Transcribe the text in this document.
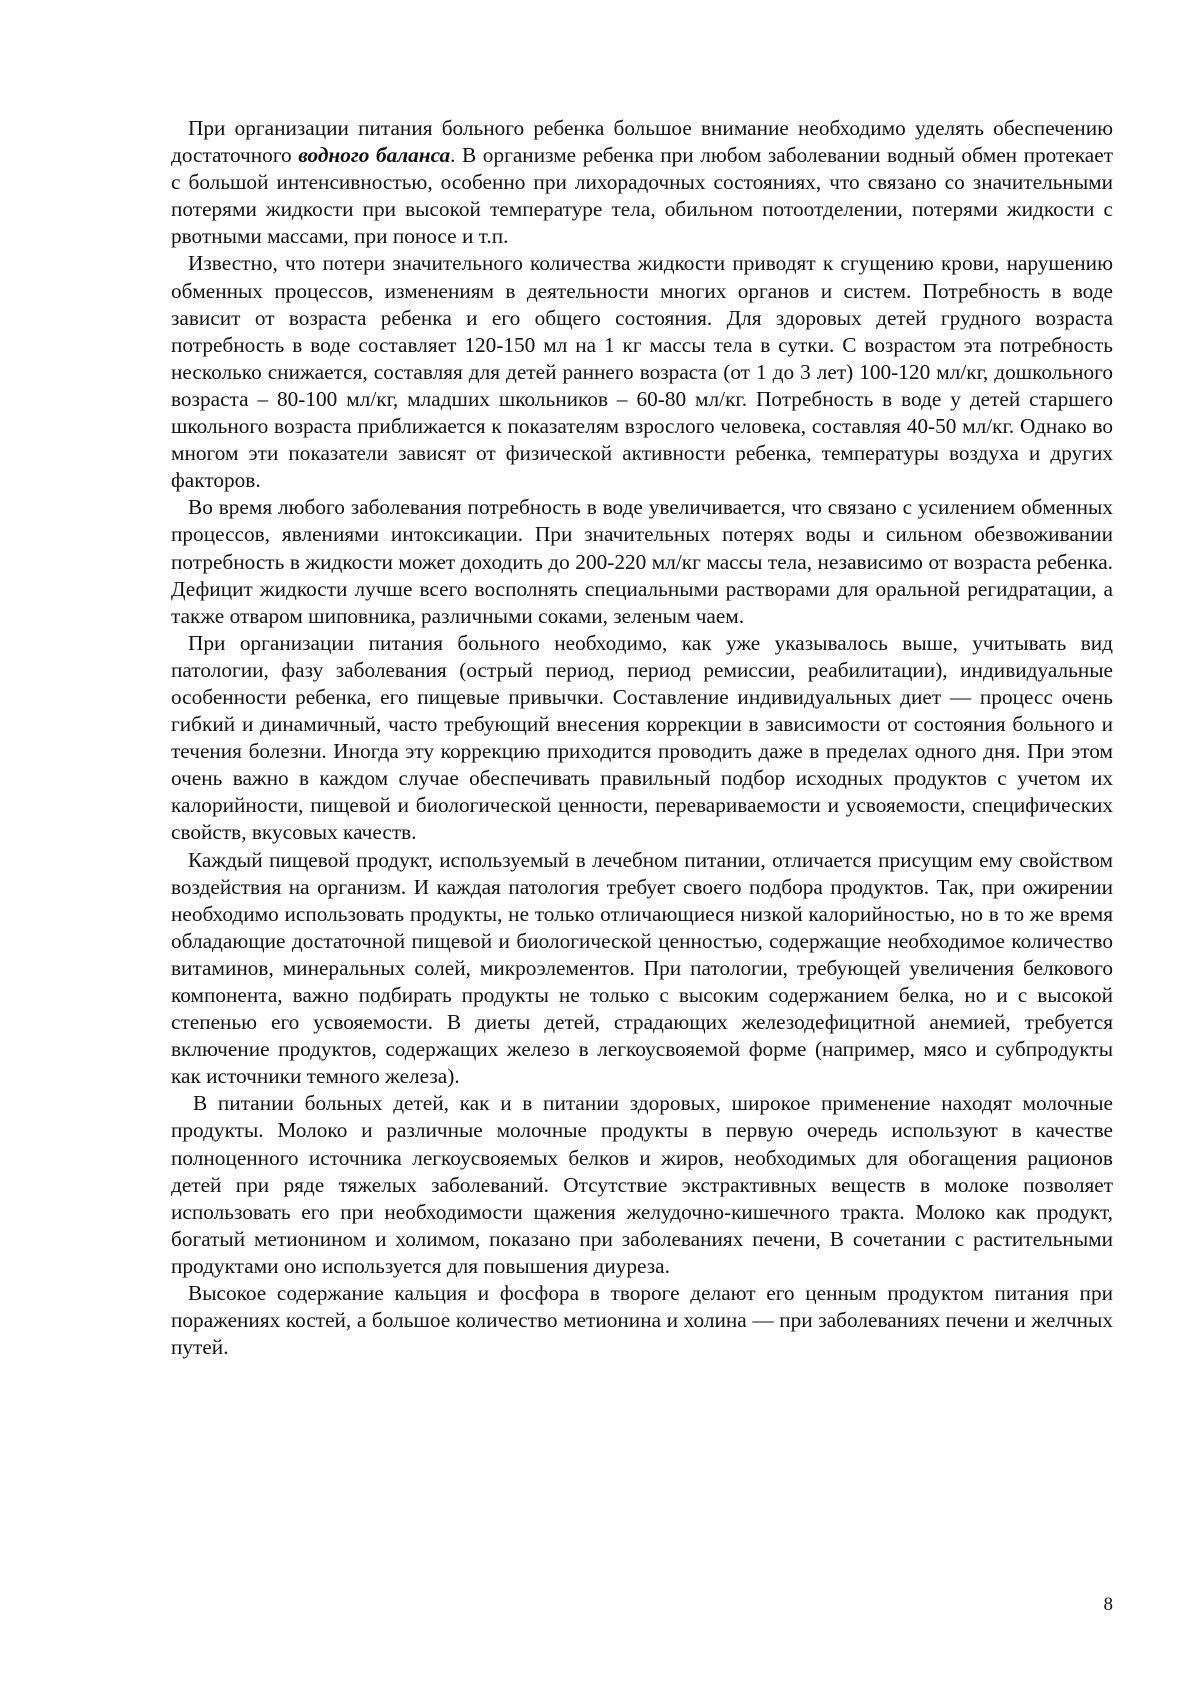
При организации питания больного ребенка большое внимание необходимо уделять обеспечению достаточного водного баланса. В организме ребенка при любом заболевании водный обмен протекает с большой интенсивностью, особенно при лихорадочных состояниях, что связано со значительными потерями жидкости при высокой температуре тела, обильном потоотделении, потерями жидкости с рвотными массами, при поносе и т.п.

Известно, что потери значительного количества жидкости приводят к сгущению крови, нарушению обменных процессов, изменениям в деятельности многих органов и систем. Потребность в воде зависит от возраста ребенка и его общего состояния. Для здоровых детей грудного возраста потребность в воде составляет 120-150 мл на 1 кг массы тела в сутки. С возрастом эта потребность несколько снижается, составляя для детей раннего возраста (от 1 до 3 лет) 100-120 мл/кг, дошкольного возраста – 80-100 мл/кг, младших школьников – 60-80 мл/кг. Потребность в воде у детей старшего школьного возраста приближается к показателям взрослого человека, составляя 40-50 мл/кг. Однако во многом эти показатели зависят от физической активности ребенка, температуры воздуха и других факторов.

Во время любого заболевания потребность в воде увеличивается, что связано с усилением обменных процессов, явлениями интоксикации. При значительных потерях воды и сильном обезвоживании потребность в жидкости может доходить до 200-220 мл/кг массы тела, независимо от возраста ребенка. Дефицит жидкости лучше всего восполнять специальными растворами для оральной регидратации, а также отваром шиповника, различными соками, зеленым чаем.

При организации питания больного необходимо, как уже указывалось выше, учитывать вид патологии, фазу заболевания (острый период, период ремиссии, реабилитации), индивидуальные особенности ребенка, его пищевые привычки. Составление индивидуальных диет — процесс очень гибкий и динамичный, часто требующий внесения коррекции в зависимости от состояния больного и течения болезни. Иногда эту коррекцию приходится проводить даже в пределах одного дня. При этом очень важно в каждом случае обеспечивать правильный подбор исходных продуктов с учетом их калорийности, пищевой и биологической ценности, перевариваемости и усвояемости, специфических свойств, вкусовых качеств.

Каждый пищевой продукт, используемый в лечебном питании, отличается присущим ему свойством воздействия на организм. И каждая патология требует своего подбора продуктов. Так, при ожирении необходимо использовать продукты, не только отличающиеся низкой калорийностью, но в то же время обладающие достаточной пищевой и биологической ценностью, содержащие необходимое количество витаминов, минеральных солей, микроэлементов. При патологии, требующей увеличения белкового компонента, важно подбирать продукты не только с высоким содержанием белка, но и с высокой степенью его усвояемости. В диеты детей, страдающих железодефицитной анемией, требуется включение продуктов, содержащих железо в легкоусвояемой форме (например, мясо и субпродукты как источники темного железа).

В питании больных детей, как и в питании здоровых, широкое применение находят молочные продукты. Молоко и различные молочные продукты в первую очередь используют в качестве полноценного источника легкоусвояемых белков и жиров, необходимых для обогащения рационов детей при ряде тяжелых заболеваний. Отсутствие экстрактивных веществ в молоке позволяет использовать его при необходимости щажения желудочно-кишечного тракта. Молоко как продукт, богатый метионином и холимом, показано при заболеваниях печени, В сочетании с растительными продуктами оно используется для повышения диуреза.

Высокое содержание кальция и фосфора в твороге делают его ценным продуктом питания при поражениях костей, а большое количество метионина и холина — при заболеваниях печени и желчных путей.

8
